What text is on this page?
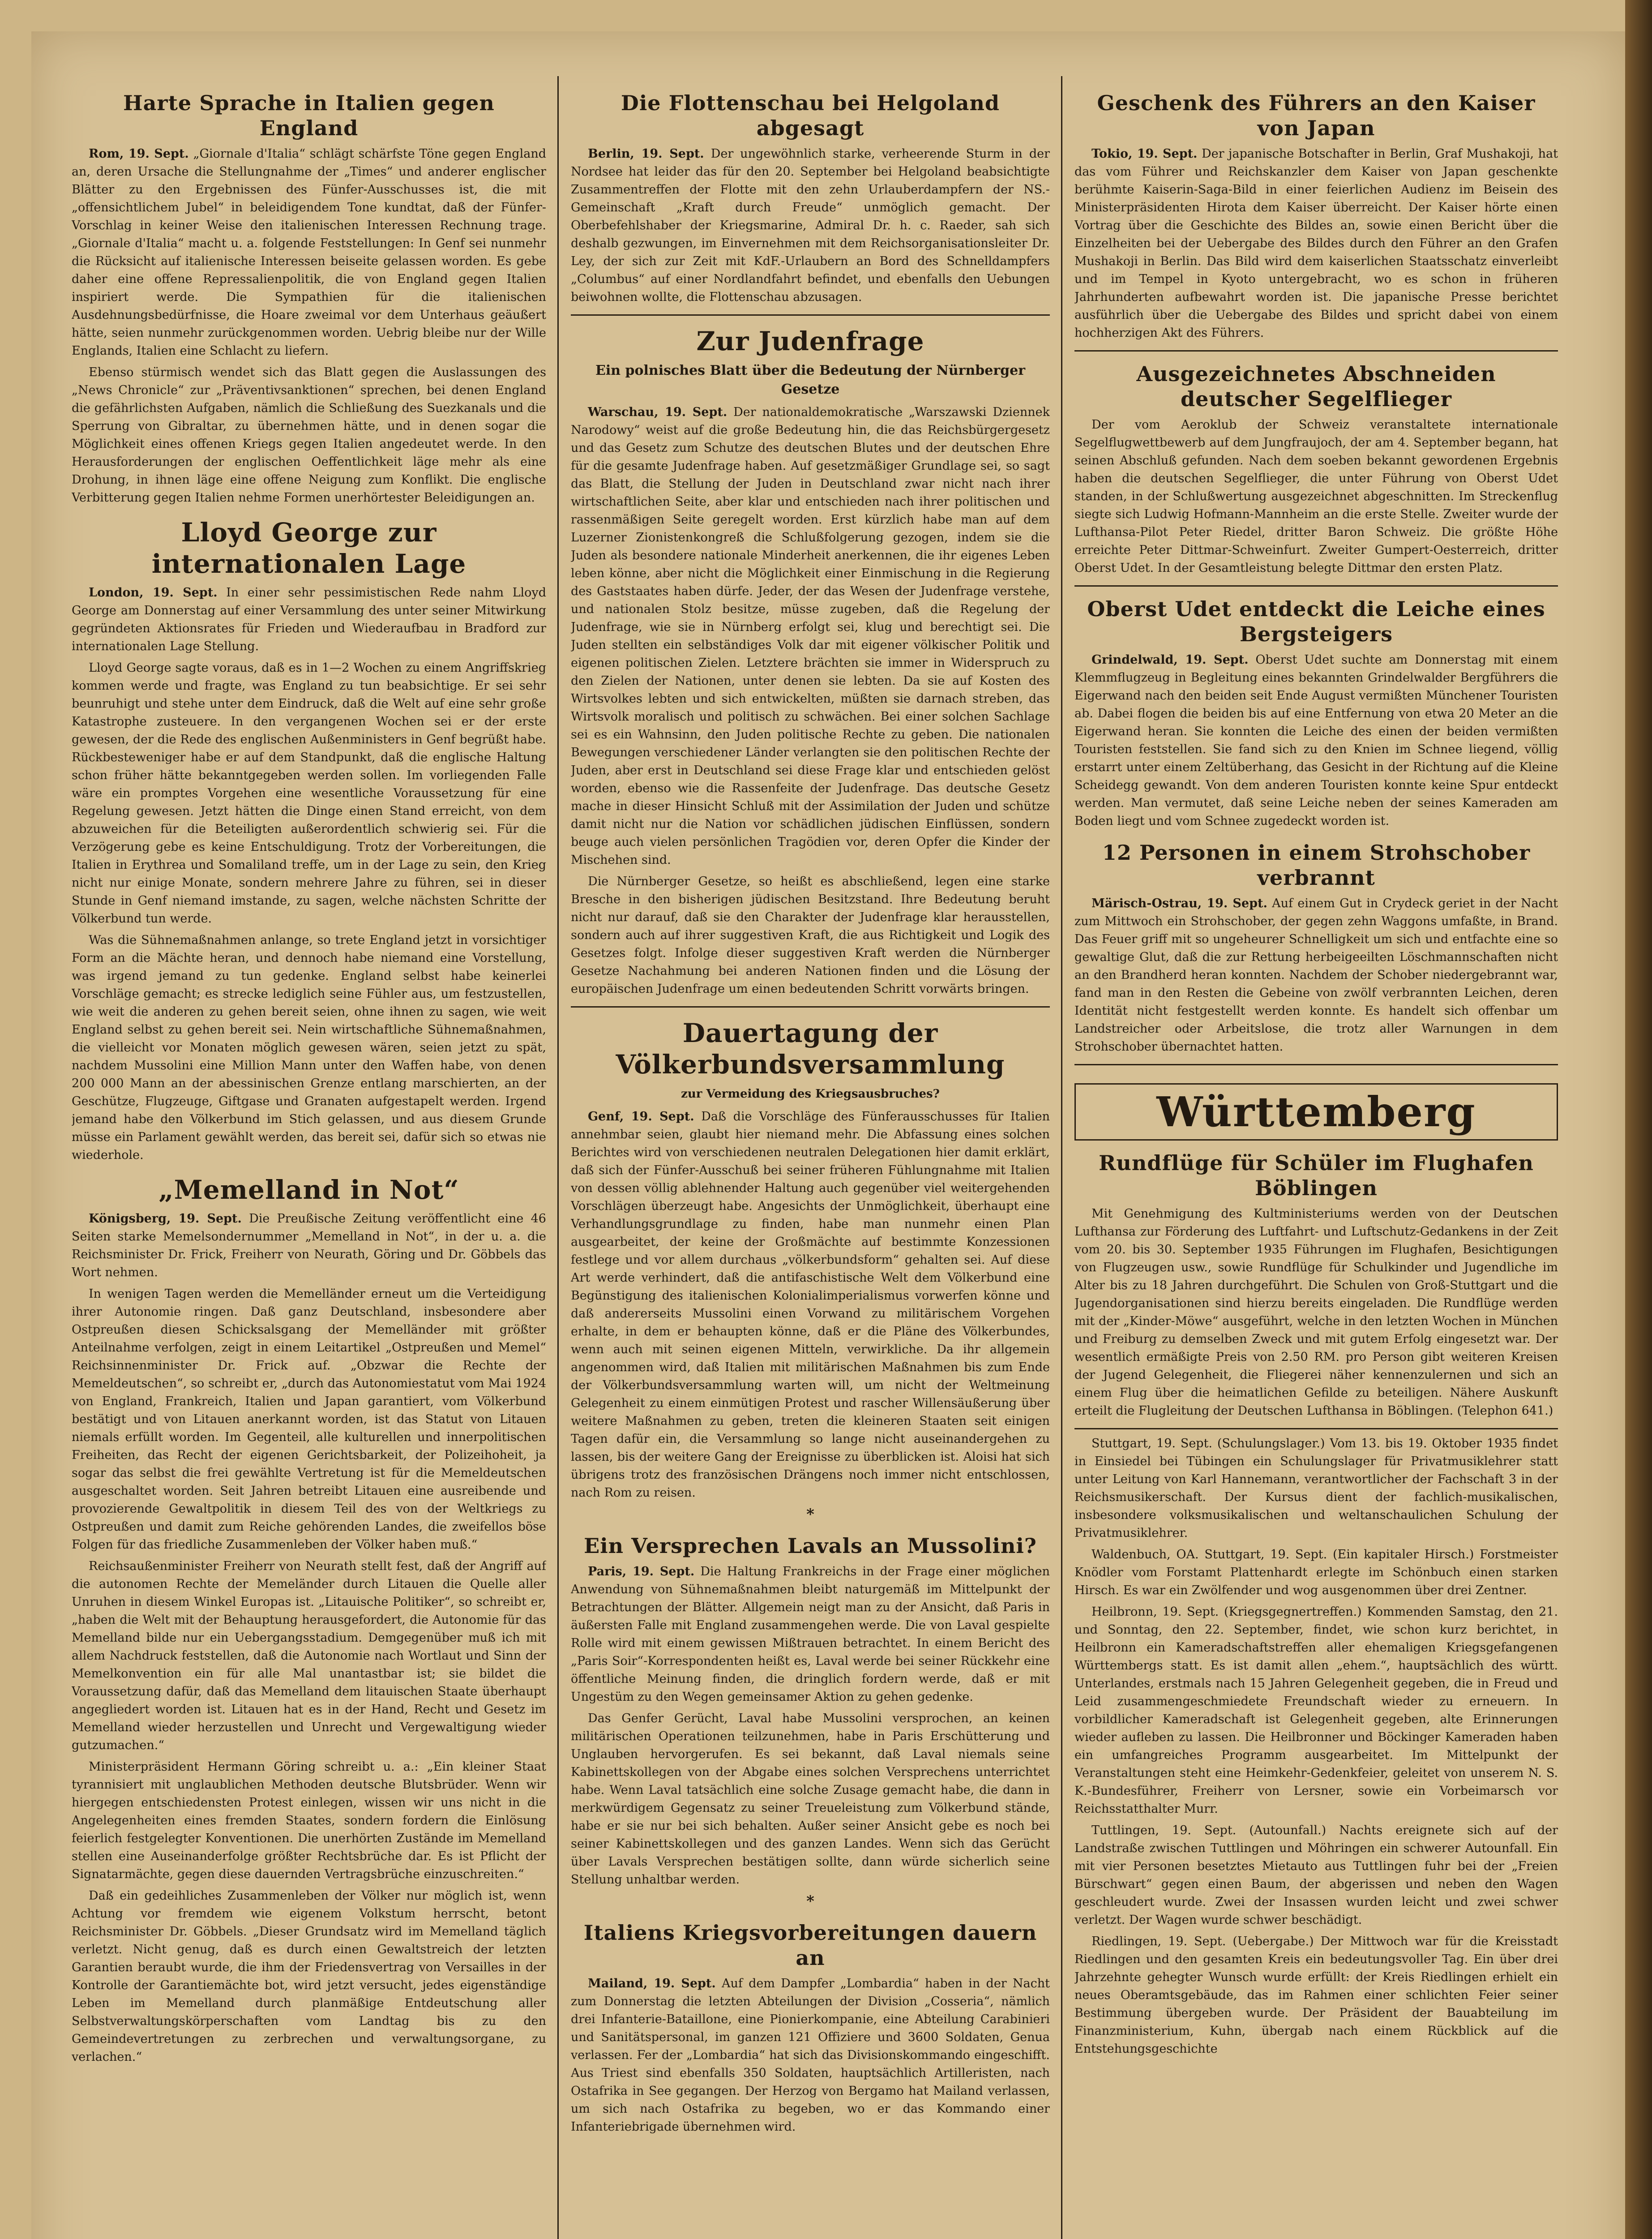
Harte Sprache in Italien gegen England

Rom, 19. Sept. „Giornale d'Italia“ schlägt schärfste Töne gegen England an, deren Ursache die Stellungnahme der „Times“ und anderer englischer Blätter zu den Ergebnissen des Fünfer-Ausschusses ist, die mit „offensichtlichem Jubel“ in beleidigendem Tone kundtat, daß der Fünfer-Vorschlag in keiner Weise den italienischen Interessen Rechnung trage. „Giornale d'Italia“ macht u. a. folgende Feststellungen: In Genf sei nunmehr die Rücksicht auf italienische Interessen beiseite gelassen worden. Es gebe daher eine offene Repressalienpolitik, die von England gegen Italien inspiriert werde. Die Sympathien für die italienischen Ausdehnungsbedürfnisse, die Hoare zweimal vor dem Unterhaus geäußert hätte, seien nunmehr zurückgenommen worden. Uebrig bleibe nur der Wille Englands, Italien eine Schlacht zu liefern.

Ebenso stürmisch wendet sich das Blatt gegen die Auslassungen des „News Chronicle“ zur „Präventivsanktionen“ sprechen, bei denen England die gefährlichsten Aufgaben, nämlich die Schließung des Suezkanals und die Sperrung von Gibraltar, zu übernehmen hätte, und in denen sogar die Möglichkeit eines offenen Kriegs gegen Italien angedeutet werde. In den Herausforderungen der englischen Oeffentlichkeit läge mehr als eine Drohung, in ihnen läge eine offene Neigung zum Konflikt. Die englische Verbitterung gegen Italien nehme Formen unerhörtester Beleidigungen an.

Lloyd George zur internationalen Lage

London, 19. Sept. In einer sehr pessimistischen Rede nahm Lloyd George am Donnerstag auf einer Versammlung des unter seiner Mitwirkung gegründeten Aktionsrates für Frieden und Wiederaufbau in Bradford zur internationalen Lage Stellung.

Lloyd George sagte voraus, daß es in 1—2 Wochen zu einem Angriffskrieg kommen werde und fragte, was England zu tun beabsichtige. Er sei sehr beunruhigt und stehe unter dem Eindruck, daß die Welt auf eine sehr große Katastrophe zusteuere. In den vergangenen Wochen sei er der erste gewesen, der die Rede des englischen Außenministers in Genf begrüßt habe. Rückbesteweniger habe er auf dem Standpunkt, daß die englische Haltung schon früher hätte bekanntgegeben werden sollen. Im vorliegenden Falle wäre ein promptes Vorgehen eine wesentliche Voraussetzung für eine Regelung gewesen. Jetzt hätten die Dinge einen Stand erreicht, von dem abzuweichen für die Beteiligten außerordentlich schwierig sei. Für die Verzögerung gebe es keine Entschuldigung. Trotz der Vorbereitungen, die Italien in Erythrea und Somaliland treffe, um in der Lage zu sein, den Krieg nicht nur einige Monate, sondern mehrere Jahre zu führen, sei in dieser Stunde in Genf niemand imstande, zu sagen, welche nächsten Schritte der Völkerbund tun werde.

Was die Sühnemaßnahmen anlange, so trete England jetzt in vorsichtiger Form an die Mächte heran, und dennoch habe niemand eine Vorstellung, was irgend jemand zu tun gedenke. England selbst habe keinerlei Vorschläge gemacht; es strecke lediglich seine Fühler aus, um festzustellen, wie weit die anderen zu gehen bereit seien, ohne ihnen zu sagen, wie weit England selbst zu gehen bereit sei. Nein wirtschaftliche Sühnemaßnahmen, die vielleicht vor Monaten möglich gewesen wären, seien jetzt zu spät, nachdem Mussolini eine Million Mann unter den Waffen habe, von denen 200 000 Mann an der abessinischen Grenze entlang marschierten, an der Geschütze, Flugzeuge, Giftgase und Granaten aufgestapelt werden. Irgend jemand habe den Völkerbund im Stich gelassen, und aus diesem Grunde müsse ein Parlament gewählt werden, das bereit sei, dafür sich so etwas nie wiederhole.

„Memelland in Not“

Königsberg, 19. Sept. Die Preußische Zeitung veröffentlicht eine 46 Seiten starke Memelsondernummer „Memelland in Not“, in der u. a. die Reichsminister Dr. Frick, Freiherr von Neurath, Göring und Dr. Göbbels das Wort nehmen.

In wenigen Tagen werden die Memelländer erneut um die Verteidigung ihrer Autonomie ringen. Daß ganz Deutschland, insbesondere aber Ostpreußen diesen Schicksalsgang der Memelländer mit größter Anteilnahme verfolgen, zeigt in einem Leitartikel „Ostpreußen und Memel“ Reichsinnenminister Dr. Frick auf. „Obzwar die Rechte der Memeldeutschen“, so schreibt er, „durch das Autonomiestatut vom Mai 1924 von England, Frankreich, Italien und Japan garantiert, vom Völkerbund bestätigt und von Litauen anerkannt worden, ist das Statut von Litauen niemals erfüllt worden. Im Gegenteil, alle kulturellen und innerpolitischen Freiheiten, das Recht der eigenen Gerichtsbarkeit, der Polizeihoheit, ja sogar das selbst die frei gewählte Vertretung ist für die Memeldeutschen ausgeschaltet worden. Seit Jahren betreibt Litauen eine ausreibende und provozierende Gewaltpolitik in diesem Teil des von der Weltkriegs zu Ostpreußen und damit zum Reiche gehörenden Landes, die zweifellos böse Folgen für das friedliche Zusammenleben der Völker haben muß.“

Reichsaußenminister Freiherr von Neurath stellt fest, daß der Angriff auf die autonomen Rechte der Memeländer durch Litauen die Quelle aller Unruhen in diesem Winkel Europas ist. „Litauische Politiker“, so schreibt er, „haben die Welt mit der Behauptung herausgefordert, die Autonomie für das Memelland bilde nur ein Uebergangsstadium. Demgegenüber muß ich mit allem Nachdruck feststellen, daß die Autonomie nach Wortlaut und Sinn der Memelkonvention ein für alle Mal unantastbar ist; sie bildet die Voraussetzung dafür, daß das Memelland dem litauischen Staate überhaupt angegliedert worden ist. Litauen hat es in der Hand, Recht und Gesetz im Memelland wieder herzustellen und Unrecht und Vergewaltigung wieder gutzumachen.“

Ministerpräsident Hermann Göring schreibt u. a.: „Ein kleiner Staat tyrannisiert mit unglaublichen Methoden deutsche Blutsbrüder. Wenn wir hiergegen entschiedensten Protest einlegen, wissen wir uns nicht in die Angelegenheiten eines fremden Staates, sondern fordern die Einlösung feierlich festgelegter Konventionen. Die unerhörten Zustände im Memelland stellen eine Auseinanderfolge größter Rechtsbrüche dar. Es ist Pflicht der Signatarmächte, gegen diese dauernden Vertragsbrüche einzuschreiten.“

Daß ein gedeihliches Zusammenleben der Völker nur möglich ist, wenn Achtung vor fremdem wie eigenem Volkstum herrscht, betont Reichsminister Dr. Göbbels. „Dieser Grundsatz wird im Memelland täglich verletzt. Nicht genug, daß es durch einen Gewaltstreich der letzten Garantien beraubt wurde, die ihm der Friedensvertrag von Versailles in der Kontrolle der Garantiemächte bot, wird jetzt versucht, jedes eigenständige Leben im Memelland durch planmäßige Entdeutschung aller Selbstverwaltungskörperschaften vom Landtag bis zu den Gemeindevertretungen zu zerbrechen und verwaltungsorgane, zu verlachen.“

Die Flottenschau bei Helgoland abgesagt

Berlin, 19. Sept. Der ungewöhnlich starke, verheerende Sturm in der Nordsee hat leider das für den 20. September bei Helgoland beabsichtigte Zusammentreffen der Flotte mit den zehn Urlauberdampfern der NS.-Gemeinschaft „Kraft durch Freude“ unmöglich gemacht. Der Oberbefehlshaber der Kriegsmarine, Admiral Dr. h. c. Raeder, sah sich deshalb gezwungen, im Einvernehmen mit dem Reichsorganisationsleiter Dr. Ley, der sich zur Zeit mit KdF.-Urlaubern an Bord des Schnelldampfers „Columbus“ auf einer Nordlandfahrt befindet, und ebenfalls den Uebungen beiwohnen wollte, die Flottenschau abzusagen.

Zur Judenfrage
Ein polnisches Blatt über die Bedeutung der Nürnberger Gesetze

Warschau, 19. Sept. Der nationaldemokratische „Warszawski Dziennek Narodowy“ weist auf die große Bedeutung hin, die das Reichsbürgergesetz und das Gesetz zum Schutze des deutschen Blutes und der deutschen Ehre für die gesamte Judenfrage haben. Auf gesetzmäßiger Grundlage sei, so sagt das Blatt, die Stellung der Juden in Deutschland zwar nicht nach ihrer wirtschaftlichen Seite, aber klar und entschieden nach ihrer politischen und rassenmäßigen Seite geregelt worden. Erst kürzlich habe man auf dem Luzerner Zionistenkongreß die Schlußfolgerung gezogen, indem sie die Juden als besondere nationale Minderheit anerkennen, die ihr eigenes Leben leben könne, aber nicht die Möglichkeit einer Einmischung in die Regierung des Gaststaates haben dürfe. Jeder, der das Wesen der Judenfrage verstehe, und nationalen Stolz besitze, müsse zugeben, daß die Regelung der Judenfrage, wie sie in Nürnberg erfolgt sei, klug und berechtigt sei. Die Juden stellten ein selbständiges Volk dar mit eigener völkischer Politik und eigenen politischen Zielen. Letztere brächten sie immer in Widerspruch zu den Zielen der Nationen, unter denen sie lebten. Da sie auf Kosten des Wirtsvolkes lebten und sich entwickelten, müßten sie darnach streben, das Wirtsvolk moralisch und politisch zu schwächen. Bei einer solchen Sachlage sei es ein Wahnsinn, den Juden politische Rechte zu geben. Die nationalen Bewegungen verschiedener Länder verlangten sie den politischen Rechte der Juden, aber erst in Deutschland sei diese Frage klar und entschieden gelöst worden, ebenso wie die Rassenfeite der Judenfrage. Das deutsche Gesetz mache in dieser Hinsicht Schluß mit der Assimilation der Juden und schütze damit nicht nur die Nation vor schädlichen jüdischen Einflüssen, sondern beuge auch vielen persönlichen Tragödien vor, deren Opfer die Kinder der Mischehen sind.

Die Nürnberger Gesetze, so heißt es abschließend, legen eine starke Bresche in den bisherigen jüdischen Besitzstand. Ihre Bedeutung beruht nicht nur darauf, daß sie den Charakter der Judenfrage klar herausstellen, sondern auch auf ihrer suggestiven Kraft, die aus Richtigkeit und Logik des Gesetzes folgt. Infolge dieser suggestiven Kraft werden die Nürnberger Gesetze Nachahmung bei anderen Nationen finden und die Lösung der europäischen Judenfrage um einen bedeutenden Schritt vorwärts bringen.

Dauertagung der Völkerbundsversammlung
zur Vermeidung des Kriegsausbruches?

Genf, 19. Sept. Daß die Vorschläge des Fünferausschusses für Italien annehmbar seien, glaubt hier niemand mehr. Die Abfassung eines solchen Berichtes wird von verschiedenen neutralen Delegationen hier damit erklärt, daß sich der Fünfer-Ausschuß bei seiner früheren Fühlungnahme mit Italien von dessen völlig ablehnender Haltung auch gegenüber viel weitergehenden Vorschlägen überzeugt habe. Angesichts der Unmöglichkeit, überhaupt eine Verhandlungsgrundlage zu finden, habe man nunmehr einen Plan ausgearbeitet, der keine der Großmächte auf bestimmte Konzessionen festlege und vor allem durchaus „völkerbundsform“ gehalten sei. Auf diese Art werde verhindert, daß die antifaschistische Welt dem Völkerbund eine Begünstigung des italienischen Kolonialimperialismus vorwerfen könne und daß andererseits Mussolini einen Vorwand zu militärischem Vorgehen erhalte, in dem er behaupten könne, daß er die Pläne des Völkerbundes, wenn auch mit seinen eigenen Mitteln, verwirkliche. Da ihr allgemein angenommen wird, daß Italien mit militärischen Maßnahmen bis zum Ende der Völkerbundsversammlung warten will, um nicht der Weltmeinung Gelegenheit zu einem einmütigen Protest und rascher Willensäußerung über weitere Maßnahmen zu geben, treten die kleineren Staaten seit einigen Tagen dafür ein, die Versammlung so lange nicht auseinandergehen zu lassen, bis der weitere Gang der Ereignisse zu überblicken ist. Aloisi hat sich übrigens trotz des französischen Drängens noch immer nicht entschlossen, nach Rom zu reisen.

*
Ein Versprechen Lavals an Mussolini?

Paris, 19. Sept. Die Haltung Frankreichs in der Frage einer möglichen Anwendung von Sühnemaßnahmen bleibt naturgemäß im Mittelpunkt der Betrachtungen der Blätter. Allgemein neigt man zu der Ansicht, daß Paris in äußersten Falle mit England zusammengehen werde. Die von Laval gespielte Rolle wird mit einem gewissen Mißtrauen betrachtet. In einem Bericht des „Paris Soir“-Korrespondenten heißt es, Laval werde bei seiner Rückkehr eine öffentliche Meinung finden, die dringlich fordern werde, daß er mit Ungestüm zu den Wegen gemeinsamer Aktion zu gehen gedenke.

Das Genfer Gerücht, Laval habe Mussolini versprochen, an keinen militärischen Operationen teilzunehmen, habe in Paris Erschütterung und Unglauben hervorgerufen. Es sei bekannt, daß Laval niemals seine Kabinettskollegen von der Abgabe eines solchen Versprechens unterrichtet habe. Wenn Laval tatsächlich eine solche Zusage gemacht habe, die dann in merkwürdigem Gegensatz zu seiner Treueleistung zum Völkerbund stände, habe er sie nur bei sich behalten. Außer seiner Ansicht gebe es noch bei seiner Kabinettskollegen und des ganzen Landes. Wenn sich das Gerücht über Lavals Versprechen bestätigen sollte, dann würde sicherlich seine Stellung unhaltbar werden.

*
Italiens Kriegsvorbereitungen dauern an

Mailand, 19. Sept. Auf dem Dampfer „Lombardia“ haben in der Nacht zum Donnerstag die letzten Abteilungen der Division „Cosseria“, nämlich drei Infanterie-Bataillone, eine Pionierkompanie, eine Abteilung Carabinieri und Sanitätspersonal, im ganzen 121 Offiziere und 3600 Soldaten, Genua verlassen. Fer der „Lombardia“ hat sich das Divisionskommando eingeschifft. Aus Triest sind ebenfalls 350 Soldaten, hauptsächlich Artilleristen, nach Ostafrika in See gegangen. Der Herzog von Bergamo hat Mailand verlassen, um sich nach Ostafrika zu begeben, wo er das Kommando einer Infanteriebrigade übernehmen wird.

Geschenk des Führers an den Kaiser von Japan

Tokio, 19. Sept. Der japanische Botschafter in Berlin, Graf Mushakoji, hat das vom Führer und Reichskanzler dem Kaiser von Japan geschenkte berühmte Kaiserin-Saga-Bild in einer feierlichen Audienz im Beisein des Ministerpräsidenten Hirota dem Kaiser überreicht. Der Kaiser hörte einen Vortrag über die Geschichte des Bildes an, sowie einen Bericht über die Einzelheiten bei der Uebergabe des Bildes durch den Führer an den Grafen Mushakoji in Berlin. Das Bild wird dem kaiserlichen Staatsschatz einverleibt und im Tempel in Kyoto untergebracht, wo es schon in früheren Jahrhunderten aufbewahrt worden ist. Die japanische Presse berichtet ausführlich über die Uebergabe des Bildes und spricht dabei von einem hochherzigen Akt des Führers.

Ausgezeichnetes Abschneiden deutscher Segelflieger

Der vom Aeroklub der Schweiz veranstaltete internationale Segelflugwettbewerb auf dem Jungfraujoch, der am 4. September begann, hat seinen Abschluß gefunden. Nach dem soeben bekannt gewordenen Ergebnis haben die deutschen Segelflieger, die unter Führung von Oberst Udet standen, in der Schlußwertung ausgezeichnet abgeschnitten. Im Streckenflug siegte sich Ludwig Hofmann-Mannheim an die erste Stelle. Zweiter wurde der Lufthansa-Pilot Peter Riedel, dritter Baron Schweiz. Die größte Höhe erreichte Peter Dittmar-Schweinfurt. Zweiter Gumpert-Oesterreich, dritter Oberst Udet. In der Gesamtleistung belegte Dittmar den ersten Platz.

Oberst Udet entdeckt die Leiche eines Bergsteigers

Grindelwald, 19. Sept. Oberst Udet suchte am Donnerstag mit einem Klemmflugzeug in Begleitung eines bekannten Grindelwalder Bergführers die Eigerwand nach den beiden seit Ende August vermißten Münchener Touristen ab. Dabei flogen die beiden bis auf eine Entfernung von etwa 20 Meter an die Eigerwand heran. Sie konnten die Leiche des einen der beiden vermißten Touristen feststellen. Sie fand sich zu den Knien im Schnee liegend, völlig erstarrt unter einem Zeltüberhang, das Gesicht in der Richtung auf die Kleine Scheidegg gewandt. Von dem anderen Touristen konnte keine Spur entdeckt werden. Man vermutet, daß seine Leiche neben der seines Kameraden am Boden liegt und vom Schnee zugedeckt worden ist.

12 Personen in einem Strohschober verbrannt

Märisch-Ostrau, 19. Sept. Auf einem Gut in Crydeck geriet in der Nacht zum Mittwoch ein Strohschober, der gegen zehn Waggons umfaßte, in Brand. Das Feuer griff mit so ungeheurer Schnelligkeit um sich und entfachte eine so gewaltige Glut, daß die zur Rettung herbeigeeilten Löschmannschaften nicht an den Brandherd heran konnten. Nachdem der Schober niedergebrannt war, fand man in den Resten die Gebeine von zwölf verbrannten Leichen, deren Identität nicht festgestellt werden konnte. Es handelt sich offenbar um Landstreicher oder Arbeitslose, die trotz aller Warnungen in dem Strohschober übernachtet hatten.

Württemberg
Rundflüge für Schüler im Flughafen Böblingen

Mit Genehmigung des Kultministeriums werden von der Deutschen Lufthansa zur Förderung des Luftfahrt- und Luftschutz-Gedankens in der Zeit vom 20. bis 30. September 1935 Führungen im Flughafen, Besichtigungen von Flugzeugen usw., sowie Rundflüge für Schulkinder und Jugendliche im Alter bis zu 18 Jahren durchgeführt. Die Schulen von Groß-Stuttgart und die Jugendorganisationen sind hierzu bereits eingeladen. Die Rundflüge werden mit der „Kinder-Möwe“ ausgeführt, welche in den letzten Wochen in München und Freiburg zu demselben Zweck und mit gutem Erfolg eingesetzt war. Der wesentlich ermäßigte Preis von 2.50 RM. pro Person gibt weiteren Kreisen der Jugend Gelegenheit, die Fliegerei näher kennenzulernen und sich an einem Flug über die heimatlichen Gefilde zu beteiligen. Nähere Auskunft erteilt die Flugleitung der Deutschen Lufthansa in Böblingen. (Telephon 641.)

Stuttgart, 19. Sept. (Schulungslager.) Vom 13. bis 19. Oktober 1935 findet in Einsiedel bei Tübingen ein Schulungslager für Privatmusiklehrer statt unter Leitung von Karl Hannemann, verantwortlicher der Fachschaft 3 in der Reichsmusikerschaft. Der Kursus dient der fachlich-musikalischen, insbesondere volksmusikalischen und weltanschaulichen Schulung der Privatmusiklehrer.

Waldenbuch, OA. Stuttgart, 19. Sept. (Ein kapitaler Hirsch.) Forstmeister Knödler vom Forstamt Plattenhardt erlegte im Schönbuch einen starken Hirsch. Es war ein Zwölfender und wog ausgenommen über drei Zentner.

Heilbronn, 19. Sept. (Kriegsgegnertreffen.) Kommenden Samstag, den 21. und Sonntag, den 22. September, findet, wie schon kurz berichtet, in Heilbronn ein Kameradschaftstreffen aller ehemaligen Kriegsgefangenen Württembergs statt. Es ist damit allen „ehem.“, hauptsächlich des württ. Unterlandes, erstmals nach 15 Jahren Gelegenheit gegeben, die in Freud und Leid zusammengeschmiedete Freundschaft wieder zu erneuern. In vorbildlicher Kameradschaft ist Gelegenheit gegeben, alte Erinnerungen wieder aufleben zu lassen. Die Heilbronner und Böckinger Kameraden haben ein umfangreiches Programm ausgearbeitet. Im Mittelpunkt der Veranstaltungen steht eine Heimkehr-Gedenkfeier, geleitet von unserem N. S. K.-Bundesführer, Freiherr von Lersner, sowie ein Vorbeimarsch vor Reichsstatthalter Murr.

Tuttlingen, 19. Sept. (Autounfall.) Nachts ereignete sich auf der Landstraße zwischen Tuttlingen und Möhringen ein schwerer Autounfall. Ein mit vier Personen besetztes Mietauto aus Tuttlingen fuhr bei der „Freien Bürschwart“ gegen einen Baum, der abgerissen und neben den Wagen geschleudert wurde. Zwei der Insassen wurden leicht und zwei schwer verletzt. Der Wagen wurde schwer beschädigt.

Riedlingen, 19. Sept. (Uebergabe.) Der Mittwoch war für die Kreisstadt Riedlingen und den gesamten Kreis ein bedeutungsvoller Tag. Ein über drei Jahrzehnte gehegter Wunsch wurde erfüllt: der Kreis Riedlingen erhielt ein neues Oberamtsgebäude, das im Rahmen einer schlichten Feier seiner Bestimmung übergeben wurde. Der Präsident der Bauabteilung im Finanzministerium, Kuhn, übergab nach einem Rückblick auf die Entstehungsgeschichte
